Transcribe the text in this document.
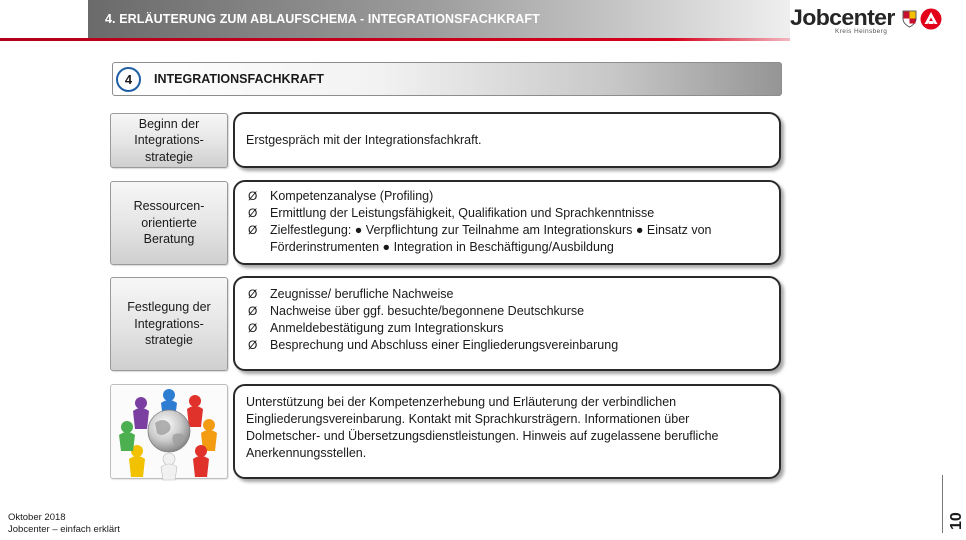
4. ERLÄUTERUNG ZUM ABLAUFSCHEMA - INTEGRATIONSFACHKRAFT	Jobcenter
Kreis Heinsberg
4	INTEGRATIONSFACHKRAFT
Beginn der Integrations-strategie
Erstgespräch mit der Integrationsfachkraft.
Ressourcen-orientierte Beratung
Ø Kompetenzanalyse (Profiling)
Ø Ermittlung der Leistungsfähigkeit, Qualifikation und Sprachkenntnisse
Ø Zielfestlegung: ● Verpflichtung zur Teilnahme am Integrationskurs ● Einsatz von Förderinstrumenten ● Integration in Beschäftigung/Ausbildung
Festlegung der Integrations-strategie
Ø Zeugnisse/ berufliche Nachweise
Ø Nachweise über ggf. besuchte/begonnene Deutschkurse
Ø Anmeldebestätigung zum Integrationskurs
Ø Besprechung und Abschluss einer Eingliederungsvereinbarung
Unterstützung bei der Kompetenzerhebung und Erläuterung der verbindlichen Eingliederungsvereinbarung. Kontakt mit Sprachkursträgern. Informationen über Dolmetscher- und Übersetzungsdienstleistungen. Hinweis auf zugelassene berufliche Anerkennungsstellen.
Oktober 2018
Jobcenter – einfach erklärt	10
